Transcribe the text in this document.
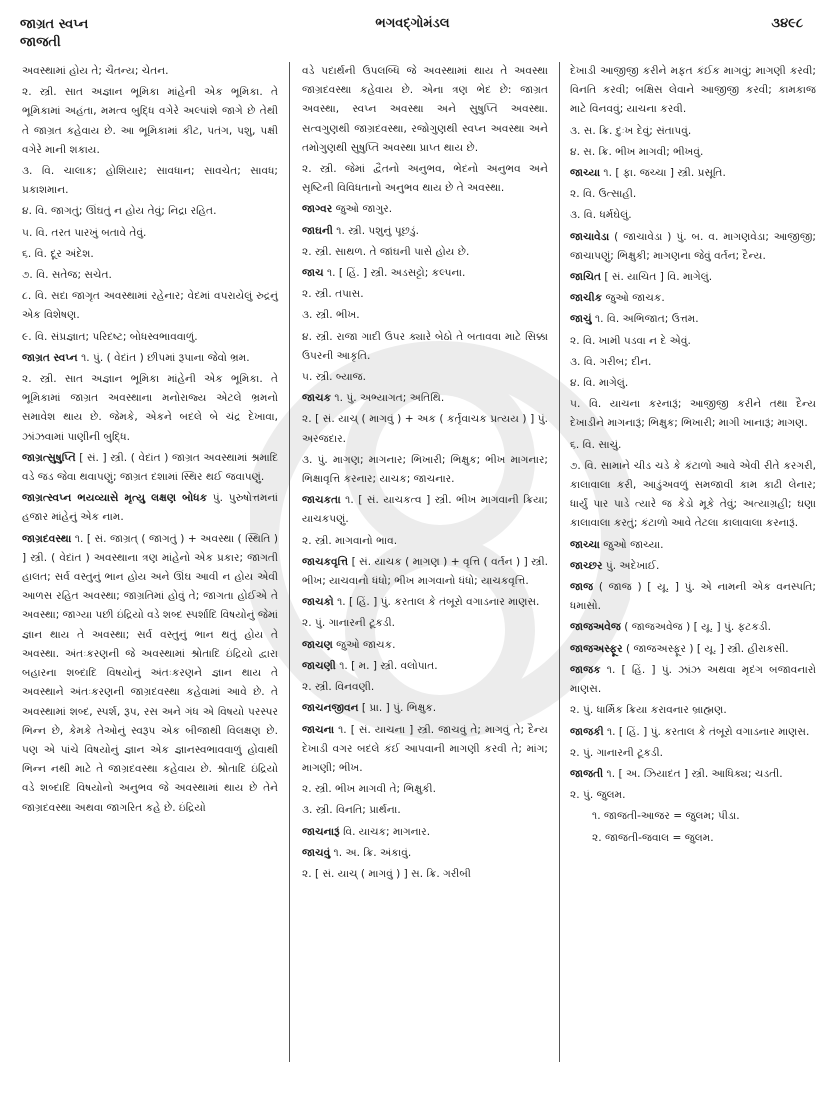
જાગ્રત સ્વપ્ન
જાજતી
ભગવદ્ગોમંડલ	૩૪૯૮
અવસ્થામાં હોય તે; ચૈતન્ય; ચેતન.
૨. સ્ત્રી. સાત અજ્ઞાન ભૂમિકા માંહેની એક ભૂમિકા. તે ભૂમિકામાં અહંતા, મમત્વ બુદ્ધિ વગેરે અલ્પાંશે જાગે છે તેથી તે જાગ્રત કહેવાય છે. આ ભૂમિકામાં કીટ, પતંગ, પશુ, પક્ષી વગેરે માની શકાય.
૩. વિ. ચાલાક; હોશિયાર; સાવધાન; સાવચેત; સાવધ; પ્રકાશમાન.
૪. વિ. જાગતું; ઊંઘતું ન હોય તેવું; નિદ્રા રહિત.
૫. વિ. તરત પારખું બતાવે તેવું.
૬. વિ. દૂર અંદેશ.
૭. વિ. સતેજ; સચેત.
૮. વિ. સદા જાગૃત અવસ્થામાં રહેનાર; વેદમાં વપરાયેલું રુદ્રનું એક વિશેષણ.
૯. વિ. સંપ્રજ્ઞાત; પરિદષ્ટ; બોધસ્વભાવવાળું.
જાગ્રત સ્વપ્ન ૧. પું. ( વેદાંત ) છીપમાં રૂપાના જેવો ભ્રમ.
૨. સ્ત્રી. સાત અજ્ઞાન ભૂમિકા માંહેની એક ભૂમિકા. તે ભૂમિકામાં જાગ્રત અવસ્થાના મનોરાજ્ય એટલે ભ્રમનો સમાવેશ થાય છે. જેમકે, એકને બદલે બે ચંદ્ર દેખાવા, ઝાંઝવામાં પાણીની બુદ્ધિ.
જાગ્રત્સુષુપ્તિ [ સં. ] સ્ત્રી. ( વેદાંત ) જાગ્રત અવસ્થામાં શ્રમાદિ વડે જડ જેવા થવાપણું; જાગ્રત દશામાં સ્થિર થઈ જવાપણું.
જાગ્રત્સ્વપ્ન ભયવ્યાસે મૃત્યુ લક્ષણ બોધક પું. પુરુષોત્તમનાં હજાર માંહેનું એક નામ.
જાગ્રદવસ્થા ૧. [ સં. જાગ્રત્ ( જાગતું ) + અવસ્થા ( સ્થિતિ ) ] સ્ત્રી. ( વેદાંત ) અવસ્થાના ત્રણ માંહેનો એક પ્રકાર; જાગતી હાલત; સર્વ વસ્તુનું ભાન હોય અને ઊંઘ આવી ન હોય એવી આળસ રહિત અવસ્થા; જાગ્રતિમાં હોવું તે; જાગતા હોઈએ તે અવસ્થા; જાગ્યા પછી ઇંદ્રિયો વડે શબ્દ સ્પર્શાદિ વિષયોનું જેમાં જ્ઞાન થાય તે અવસ્થા; સર્વ વસ્તુનું ભાન થતું હોય તે અવસ્થા. અંતઃકરણની જે અવસ્થામાં શ્રોતાદિ ઇંદ્રિયો દ્વારા બહારના શબ્દાદિ વિષયોનું અંતઃકરણને જ્ઞાન થાય તે અવસ્થાને અંતઃકરણની જાગ્રદવસ્થા કહેવામાં આવે છે. તે અવસ્થામાં શબ્દ, સ્પર્શ, રૂપ, રસ અને ગંધ એ વિષયો પરસ્પર ભિન્ન છે, કેમકે તેઓનું સ્વરૂપ એક બીજાથી વિલક્ષણ છે. પણ એ પાંચે વિષયોનું જ્ઞાન એક જ્ઞાનસ્વભાવવાળું હોવાથી ભિન્ન નથી માટે તે જાગ્રદવસ્થા કહેવાય છે. શ્રોતાદિ ઇંદ્રિયો વડે શબ્દાદિ વિષયોનો અનુભવ જે અવસ્થામાં થાય છે તેને જાગ્રદવસ્થા અથવા જાગરિત કહે છે. ઇંદ્રિયો
વડે પદાર્થની ઉપલબ્ધિ જે અવસ્થામાં થાય તે અવસ્થા જાગ્રદવસ્થા કહેવાય છે. એના ત્રણ ભેદ છે: જાગ્રત અવસ્થા, સ્વપ્ન અવસ્થા અને સુષુપ્તિ અવસ્થા. સત્વગુણથી જાગ્રદવસ્થા, રજોગુણથી સ્વપ્ન અવસ્થા અને તમોગુણથી સુષુપ્તિ અવસ્થા પ્રાપ્ત થાય છે.
૨. સ્ત્રી. જેમાં દ્વૈતનો અનુભવ, ભેદનો અનુભવ અને સૃષ્ટિની વિવિધતાનો અનુભવ થાય છે તે અવસ્થા.
જાગ્વર જુઓ જાગુર.
જાઘની ૧. સ્ત્રી. પશુનું પૂછડું.
૨. સ્ત્રી. સાથળ. તે જાંઘની પાસે હોય છે.
જાચ ૧. [ હિં. ] સ્ત્રી. અડસટ્ટો; કલ્પના.
૨. સ્ત્રી. તપાસ.
૩. સ્ત્રી. ભીખ.
૪. સ્ત્રી. રાજા ગાદી ઉપર ક્યારે બેઠો તે બતાવવા માટે સિક્કા ઉપરની આકૃતિ.
૫. સ્ત્રી. બ્યાજ.
જાચક ૧. પું. અભ્યાગત; અતિથિ.
૨. [ સં. યાચ્ ( માગવું ) + અક ( કર્તૃવાચક પ્રત્યય ) ] પું. અરજદાર.
૩. પું. માગણ; માગનાર; ભિખારી; ભિક્ષુક; ભીખ માગનાર; ભિક્ષાવૃત્તિ કરનાર; યાચક; જાચનાર.
જાચકતા ૧. [ સં. યાચકત્વ ] સ્ત્રી. ભીખ માગવાની ક્રિયા; યાચકપણું.
૨. સ્ત્રી. માગવાનો ભાવ.
જાચકવૃત્તિ [ સં. યાચક ( માગણ ) + વૃત્તિ ( વર્તન ) ] સ્ત્રી. ભીખ; યાચવાનો ધંધો; ભીખ માગવાનો ધંધો; યાચકવૃત્તિ.
જાચકો ૧. [ હિં. ] પું. કરતાલ કે તંબૂરો વગાડનાર માણસ.
૨. પું. ગાનારની ટૂકડી.
જાચણ જુઓ જાચક.
જાચણી ૧. [ મ. ] સ્ત્રી. વલોપાત.
૨. સ્ત્રી. વિનવણી.
જાચનજીવન [ પ્રા. ] પું. ભિક્ષુક.
જાચના ૧. [ સં. યાચના ] સ્ત્રી. જાચવું તે; માગવું તે; દૈન્ય દેખાડી વગર બદલે કંઈ આપવાની માગણી કરવી તે; માંગ; માગણી; ભીખ.
૨. સ્ત્રી. ભીખ માગવી તે; ભિક્ષુકી.
૩. સ્ત્રી. વિનતિ; પ્રાર્થના.
જાચનારૂં વિ. યાચક; માગનાર.
જાચવું ૧. અ. ક્રિ. અંકાવું.
૨. [ સં. યાચ્ ( માગવું ) ] સ. ક્રિ. ગરીબી
દેખાડી આજીજી કરીને મફત કંઈક માગવું; માગણી કરવી; વિનતિ કરવી; બક્ષિસ લેવાને આજીજી કરવી; કામકાજ માટે વિનવવું; યાચના કરવી.
૩. સ. ક્રિ. દુઃખ દેવું; સંતાપવું.
૪. સ. ક્રિ. ભીખ માગવી; ભીખવું.
જાચ્યા ૧. [ ફા. જચ્ચા ] સ્ત્રી. પ્રસૂતિ.
૨. વિ. ઉત્સાહી.
૩. વિ. ધર્મઘેલું.
જાચાવેડા ( જાચાવેડા ) પું. બ. વ. માગણવેડા; આજીજી; જાચાપણું; ભિક્ષુકી; માગણના જેવું વર્તન; દૈન્ય.
જાચિત [ સં. યાચિત ] વિ. માગેલું.
જાચીક જુઓ જાચક.
જાચું ૧. વિ. અભિજાત; ઉત્તમ.
૨. વિ. ખામી પડવા ન દે એવું.
૩. વિ. ગરીબ; દીન.
૪. વિ. માગેલું.
૫. વિ. યાચના કરનારૂં; આજીજી કરીને તથા દૈન્ય દેખાડીને માગનારૂં; ભિક્ષુક; ભિખારી; માગી ખાનારૂં; માગણ.
૬. વિ. સાચું.
૭. વિ. સામાને ચીડ ચડે કે કંટાળો આવે એવી રીતે કરગરી, કાલાવાલા કરી, આડુંઅવળું સમજાવી કામ કાઢી લેનાર; ધાર્યું પાર પાડે ત્યારે જ કેડો મૂકે તેવું; અત્યાગ્રહી; ઘણા કાલાવાલા કરતું; કંટાળો આવે તેટલા કાલાવાલા કરનારૂં.
જાચ્ચા જુઓ જાચ્યા.
જાચ્છર પું. અદેખાઈ.
જાજ ( જાજ ) [ યૂ. ] પું. એ નામની એક વનસ્પતિ; ધમાસો.
જાજઅવેજ ( જાજઅવેજ ) [ યૂ. ] પું. ફટકડી.
જાજઅસ્ફૂર ( જાજઅસ્ફૂર ) [ યૂ. ] સ્ત્રી. હીરાકસી.
જાજક ૧. [ હિં. ] પું. ઝાંઝ અથવા મૃદંગ બજાવનારો માણસ.
૨. પું. ધાર્મિક ક્રિયા કરાવનાર બ્રાહ્મણ.
જાજકી ૧. [ હિં. ] પું. કરતાલ કે તંબૂરો વગાડનાર માણસ.
૨. પું. ગાનારની ટૂકડી.
જાજતી ૧. [ અ. ઝિયાદત ] સ્ત્રી. આધિક્ય; ચડતી.
૨. પું. જુલમ.
૧. જાજતી-આજર = જુલમ; પીડા.
૨. જાજતી-જવાલ = જુલમ.
